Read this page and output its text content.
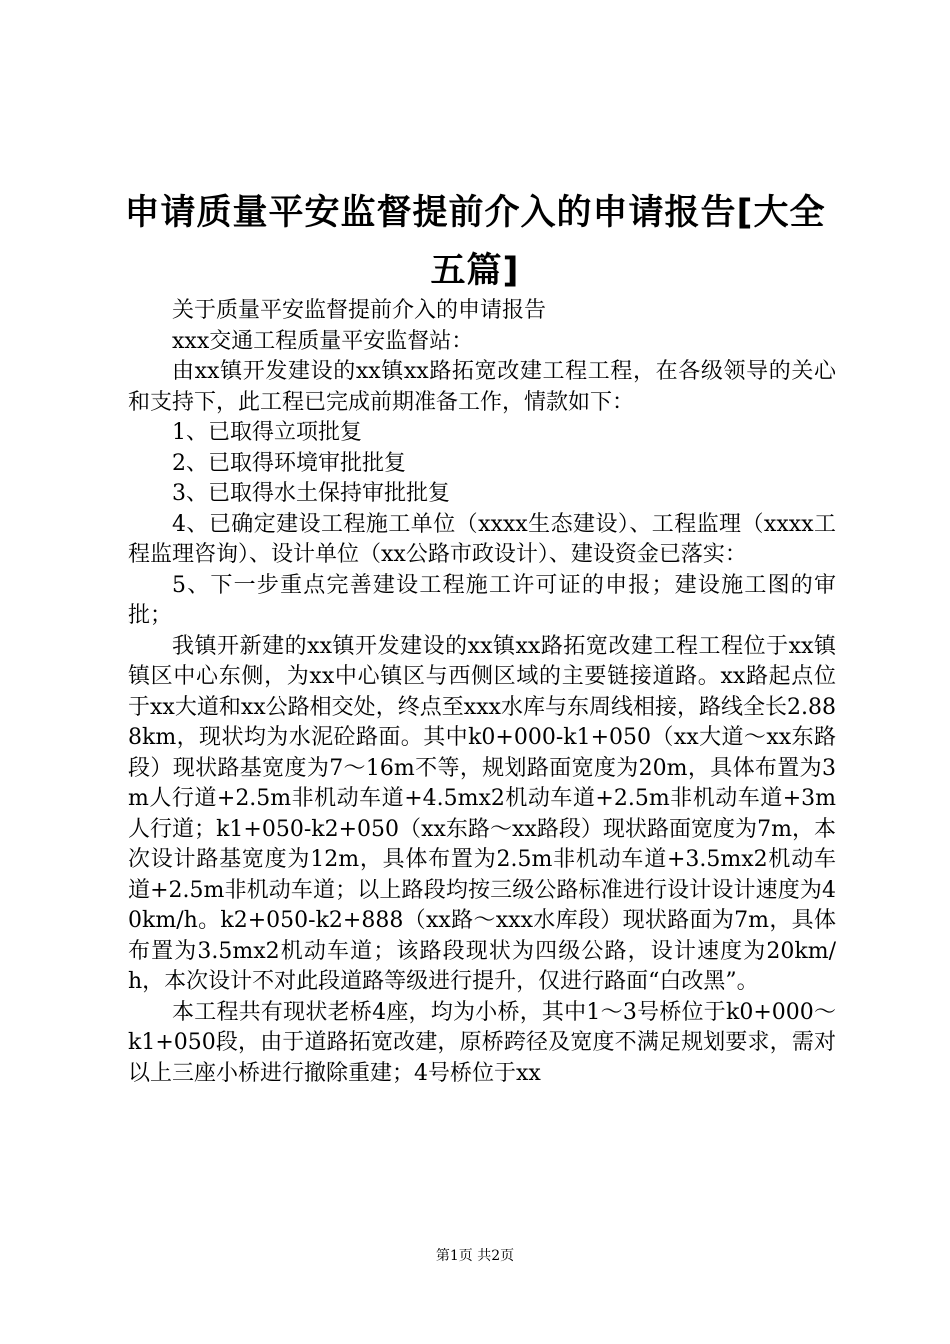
申请质量平安监督提前介入的申请报告[大全五篇]

关于质量平安监督提前介入的申请报告

xxx交通工程质量平安监督站：

由xx镇开发建设的xx镇xx路拓宽改建工程工程，在各级领导的关心和支持下，此工程已完成前期准备工作，情款如下：

1、已取得立项批复

2、已取得环境审批批复

3、已取得水土保持审批批复

4、已确定建设工程施工单位（xxxx生态建设）、工程监理（xxxx工程监理咨询）、设计单位（xx公路市政设计）、建设资金已落实：

5、下一步重点完善建设工程施工许可证的申报；建设施工图的审批；

我镇开新建的xx镇开发建设的xx镇xx路拓宽改建工程工程位于xx镇镇区中心东侧，为xx中心镇区与西侧区域的主要链接道路。xx路起点位于xx大道和xx公路相交处，终点至xxx水库与东周线相接，路线全长2.888km，现状均为水泥砼路面。其中k0+000-k1+050（xx大道～xx东路段）现状路基宽度为7～16m不等，规划路面宽度为20m，具体布置为3m人行道+2.5m非机动车道+4.5mx2机动车道+2.5m非机动车道+3m人行道；k1+050-k2+050（xx东路～xx路段）现状路面宽度为7m，本次设计路基宽度为12m，具体布置为2.5m非机动车道+3.5mx2机动车道+2.5m非机动车道；以上路段均按三级公路标准进行设计设计速度为40km/h。k2+050-k2+888（xx路～xxx水库段）现状路面为7m，具体布置为3.5mx2机动车道；该路段现状为四级公路，设计速度为20km/h，本次设计不对此段道路等级进行提升，仅进行路面“白改黑”。

本工程共有现状老桥4座，均为小桥，其中1～3号桥位于k0+000～k1+050段，由于道路拓宽改建，原桥跨径及宽度不满足规划要求，需对以上三座小桥进行撤除重建；4号桥位于xx

第1页 共2页
